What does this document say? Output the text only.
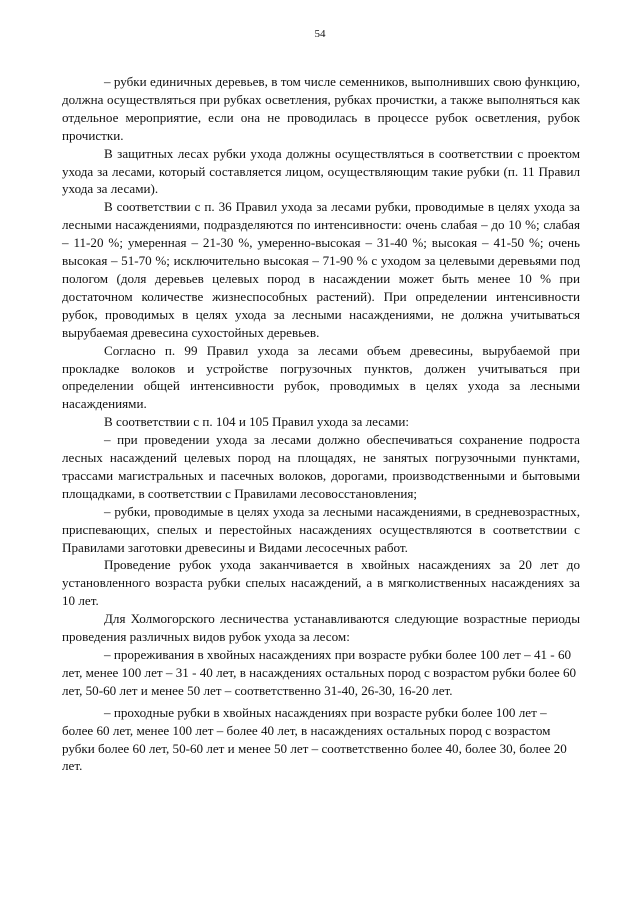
54

– рубки единичных деревьев, в том числе семенников, выполнивших свою функцию, должна осуществляться при рубках осветления, рубках прочистки, а также выполняться как отдельное мероприятие, если она не проводилась в процессе рубок осветления, рубок прочистки.

В защитных лесах рубки ухода должны осуществляться в соответствии с проектом ухода за лесами, который составляется лицом, осуществляющим такие рубки (п. 11 Правил ухода за лесами).

В соответствии с п. 36 Правил ухода за лесами рубки, проводимые в целях ухода за лесными насаждениями, подразделяются по интенсивности: очень слабая – до 10 %; слабая – 11-20 %; умеренная – 21-30 %, умеренно-высокая – 31-40 %; высокая – 41-50 %; очень высокая – 51-70 %; исключительно высокая – 71-90 % с уходом за целевыми деревьями под пологом (доля деревьев целевых пород в насаждении может быть менее 10 % при достаточном количестве жизнеспособных растений). При определении интенсивности рубок, проводимых в целях ухода за лесными насаждениями, не должна учитываться вырубаемая древесина сухостойных деревьев.

Согласно п. 99 Правил ухода за лесами объем древесины, вырубаемой при прокладке волоков и устройстве погрузочных пунктов, должен учитываться при определении общей интенсивности рубок, проводимых в целях ухода за лесными насаждениями.

В соответствии с п. 104 и 105 Правил ухода за лесами:

– при проведении ухода за лесами должно обеспечиваться сохранение подроста лесных насаждений целевых пород на площадях, не занятых погрузочными пунктами, трассами магистральных и пасечных волоков, дорогами, производственными и бытовыми площадками, в соответствии с Правилами лесовосстановления;

– рубки, проводимые в целях ухода за лесными насаждениями, в средневозрастных, приспевающих, спелых и перестойных насаждениях осуществляются в соответствии с Правилами заготовки древесины и Видами лесосечных работ.

Проведение рубок ухода заканчивается в хвойных насаждениях за 20 лет до установленного возраста рубки спелых насаждений, а в мягколиственных насаждениях за 10 лет.

Для Холмогорского лесничества устанавливаются следующие возрастные периоды проведения различных видов рубок ухода за лесом:

– прореживания в хвойных насаждениях при возрасте рубки более 100 лет – 41 - 60 лет, менее 100 лет – 31 - 40 лет, в насаждениях остальных пород с возрастом рубки более 60 лет, 50-60 лет и менее 50 лет – соответственно 31-40, 26-30, 16-20 лет.

– проходные рубки в хвойных насаждениях при возрасте рубки более 100 лет – более 60 лет, менее 100 лет – более 40 лет, в насаждениях остальных пород с возрастом рубки более 60 лет, 50-60 лет и менее 50 лет – соответственно более 40, более 30, более 20 лет.
